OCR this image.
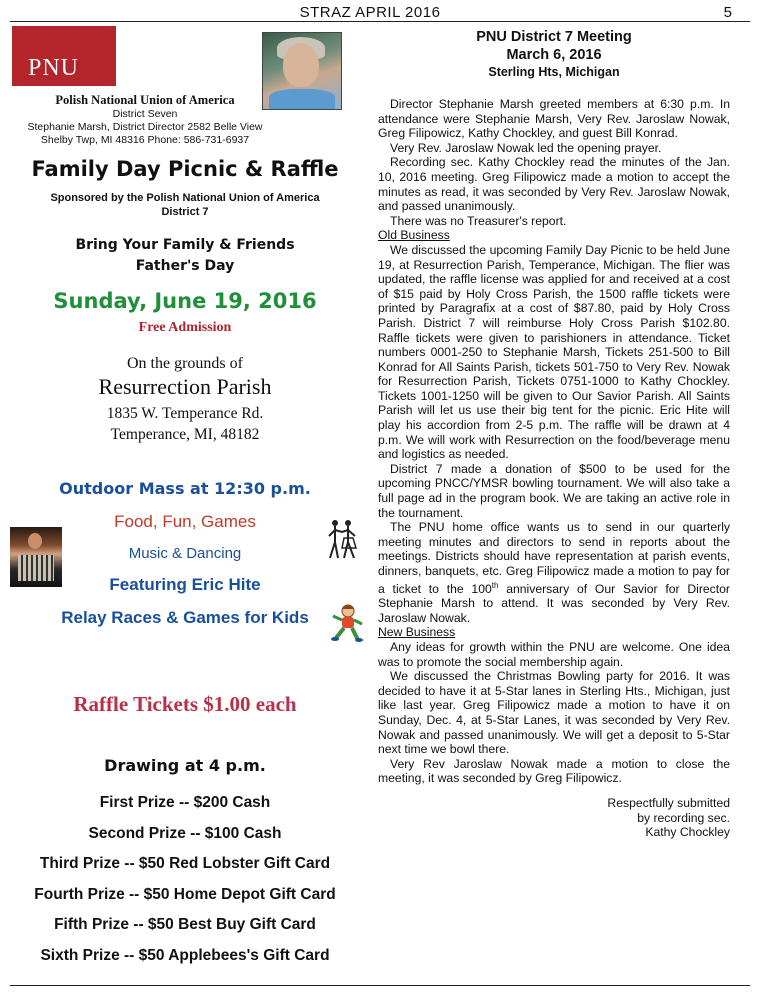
STRAZ APRIL 2016	5
PNU
Polish National Union of America
District Seven
Stephanie Marsh, District Director 2582 Belle View
Shelby Twp, MI 48316 Phone: 586-731-6937
Family Day Picnic & Raffle
Sponsored by the Polish National Union of America
District 7
Bring Your Family & Friends
Father's Day
Sunday, June 19, 2016
Free Admission
On the grounds of
Resurrection Parish
1835 W. Temperance Rd.
Temperance, MI, 48182
Outdoor Mass at 12:30 p.m.
Food, Fun, Games
Music & Dancing
Featuring Eric Hite
Relay Races & Games for Kids
Raffle Tickets $1.00 each
Drawing at 4 p.m.
First Prize -- $200 Cash
Second Prize -- $100 Cash
Third Prize -- $50 Red Lobster Gift Card
Fourth Prize -- $50 Home Depot Gift Card
Fifth Prize -- $50 Best Buy Gift Card
Sixth Prize -- $50 Applebees's Gift Card
PNU District 7 Meeting
March 6, 2016
Sterling Hts, Michigan

Director Stephanie Marsh greeted members at 6:30 p.m. In attendance were Stephanie Marsh, Very Rev. Jaroslaw Nowak, Greg Filipowicz, Kathy Chockley, and guest Bill Konrad.

Very Rev. Jaroslaw Nowak led the opening prayer.

Recording sec. Kathy Chockley read the minutes of the Jan. 10, 2016 meeting. Greg Filipowicz made a motion to accept the minutes as read, it was seconded by Very Rev. Jaroslaw Nowak, and passed unanimously.

There was no Treasurer's report.

Old Business

We discussed the upcoming Family Day Picnic to be held June 19, at Resurrection Parish, Temperance, Michigan. The flier was updated, the raffle license was applied for and received at a cost of $15 paid by Holy Cross Parish, the 1500 raffle tickets were printed by Paragrafix at a cost of $87.80, paid by Holy Cross Parish. District 7 will reimburse Holy Cross Parish $102.80. Raffle tickets were given to parishioners in attendance. Ticket numbers 0001-250 to Stephanie Marsh, Tickets 251-500 to Bill Konrad for All Saints Parish, tickets 501-750 to Very Rev. Nowak for Resurrection Parish, Tickets 0751-1000 to Kathy Chockley. Tickets 1001-1250 will be given to Our Savior Parish. All Saints Parish will let us use their big tent for the picnic. Eric Hite will play his accordion from 2-5 p.m. The raffle will be drawn at 4 p.m. We will work with Resurrection on the food/beverage menu and logistics as needed.

District 7 made a donation of $500 to be used for the upcoming PNCC/YMSR bowling tournament. We will also take a full page ad in the program book. We are taking an active role in the tournament.

The PNU home office wants us to send in our quarterly meeting minutes and directors to send in reports about the meetings. Districts should have representation at parish events, dinners, banquets, etc. Greg Filipowicz made a motion to pay for a ticket to the 100th anniversary of Our Savior for Director Stephanie Marsh to attend. It was seconded by Very Rev. Jaroslaw Nowak.

New Business

Any ideas for growth within the PNU are welcome. One idea was to promote the social membership again.

We discussed the Christmas Bowling party for 2016. It was decided to have it at 5-Star lanes in Sterling Hts., Michigan, just like last year. Greg Filipowicz made a motion to have it on Sunday, Dec. 4, at 5-Star Lanes, it was seconded by Very Rev. Nowak and passed unanimously. We will get a deposit to 5-Star next time we bowl there.

Very Rev Jaroslaw Nowak made a motion to close the meeting, it was seconded by Greg Filipowicz.

Respectfully submitted

by recording sec.

Kathy Chockley
